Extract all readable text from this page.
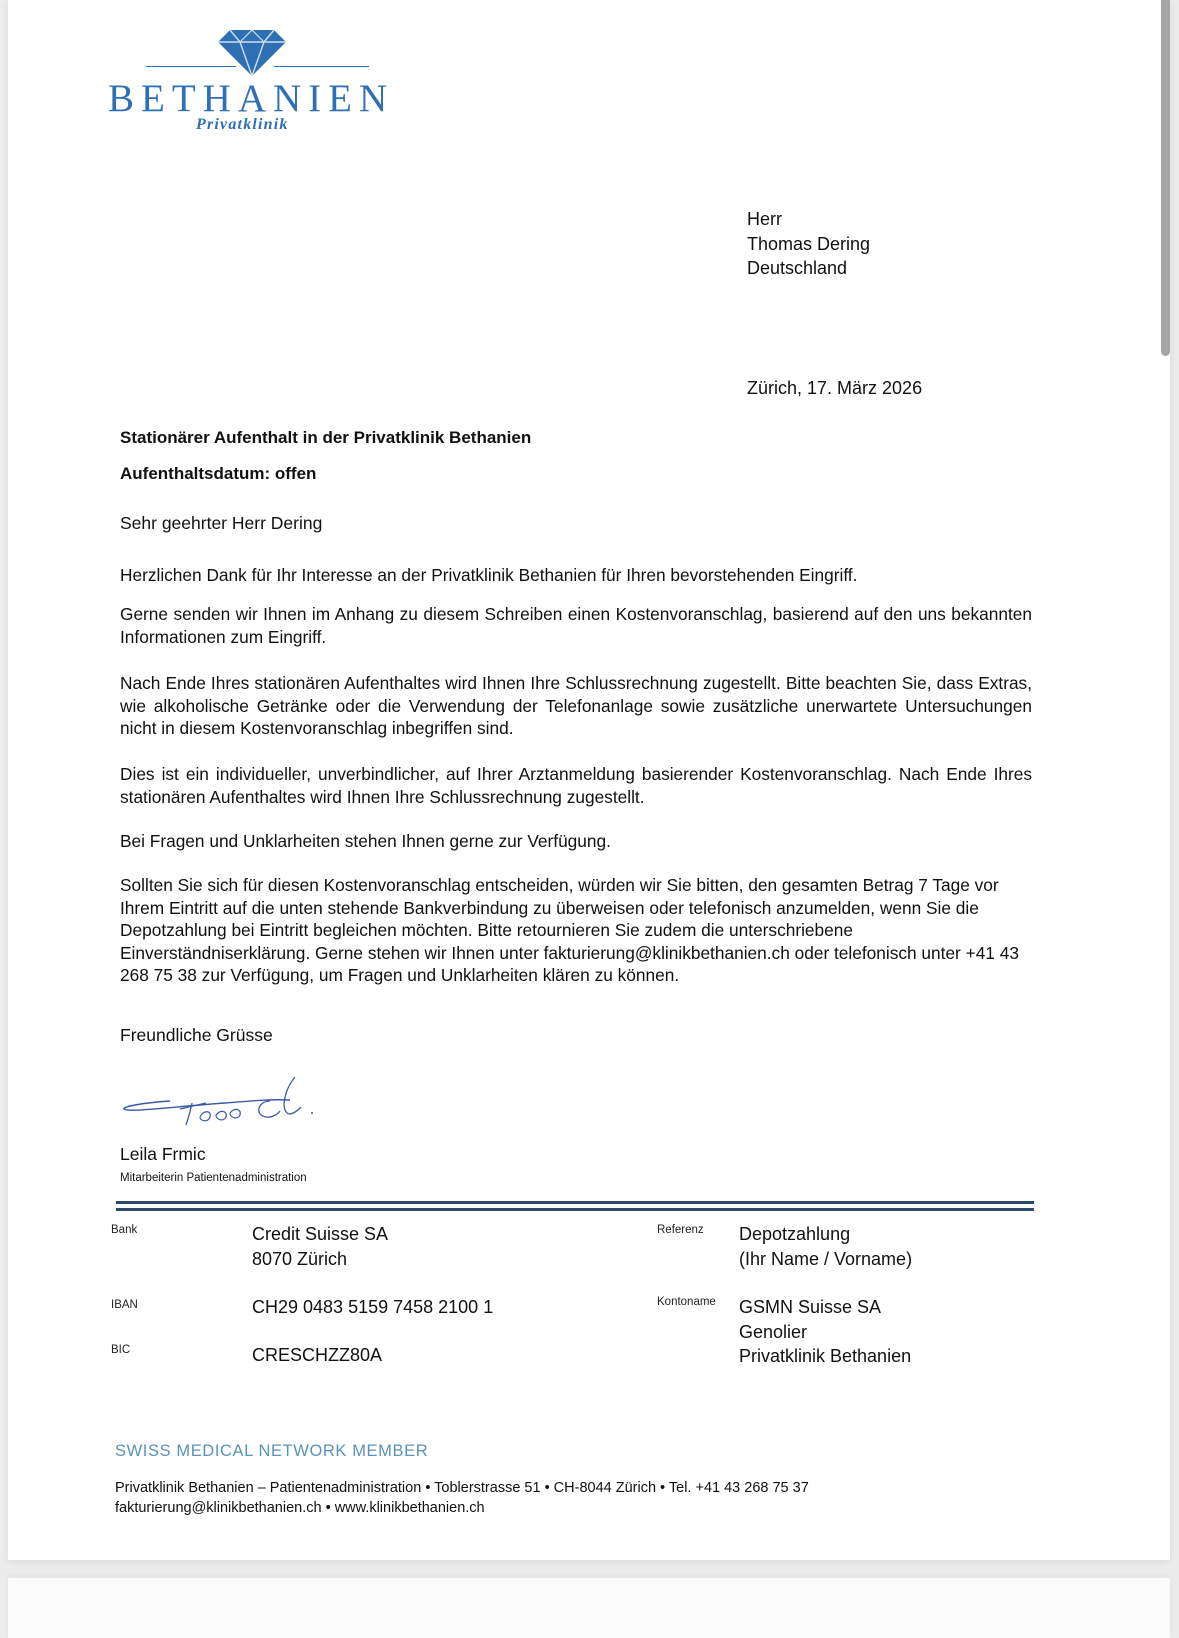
BETHANIEN
Privatklinik
Herr
Thomas Dering
Deutschland
Zürich, 17. März 2026
Stationärer Aufenthalt in der Privatklinik Bethanien
Aufenthaltsdatum: offen
Sehr geehrter Herr Dering

Herzlichen Dank für Ihr Interesse an der Privatklinik Bethanien für Ihren bevorstehenden Eingriff.

Gerne senden wir Ihnen im Anhang zu diesem Schreiben einen Kostenvoranschlag, basierend auf den uns bekannten Informationen zum Eingriff.

Nach Ende Ihres stationären Aufenthaltes wird Ihnen Ihre Schlussrechnung zugestellt. Bitte beachten Sie, dass Extras, wie alkoholische Getränke oder die Verwendung der Telefonanlage sowie zusätzliche unerwartete Untersuchungen nicht in diesem Kostenvoranschlag inbegriffen sind.

Dies ist ein individueller, unverbindlicher, auf Ihrer Arztanmeldung basierender Kostenvoranschlag. Nach Ende Ihres stationären Aufenthaltes wird Ihnen Ihre Schlussrechnung zugestellt.

Bei Fragen und Unklarheiten stehen Ihnen gerne zur Verfügung.

Sollten Sie sich für diesen Kostenvoranschlag entscheiden, würden wir Sie bitten, den gesamten Betrag 7 Tage vor Ihrem Eintritt auf die unten stehende Bankverbindung zu überweisen oder telefonisch anzumelden, wenn Sie die Depotzahlung bei Eintritt begleichen möchten. Bitte retournieren Sie zudem die unterschriebene Einverständniserklärung. Gerne stehen wir Ihnen unter fakturierung@klinikbethanien.ch oder telefonisch unter +41 43 268 75 38 zur Verfügung, um Fragen und Unklarheiten klären zu können.

Freundliche Grüsse
Leila Frmic
Mitarbeiterin Patientenadministration
Bank	Credit Suisse SA
8070 Zürich
IBAN	CH29 0483 5159 7458 2100 1
BIC	CRESCHZZ80A
Referenz Depotzahlung
(Ihr Name / Vorname)
Kontoname GSMN Suisse SA
Genolier
Privatklinik Bethanien
SWISS MEDICAL NETWORK MEMBER
Privatklinik Bethanien – Patientenadministration • Toblerstrasse 51 • CH-8044 Zürich • Tel. +41 43 268 75 37
fakturierung@klinikbethanien.ch • www.klinikbethanien.ch
